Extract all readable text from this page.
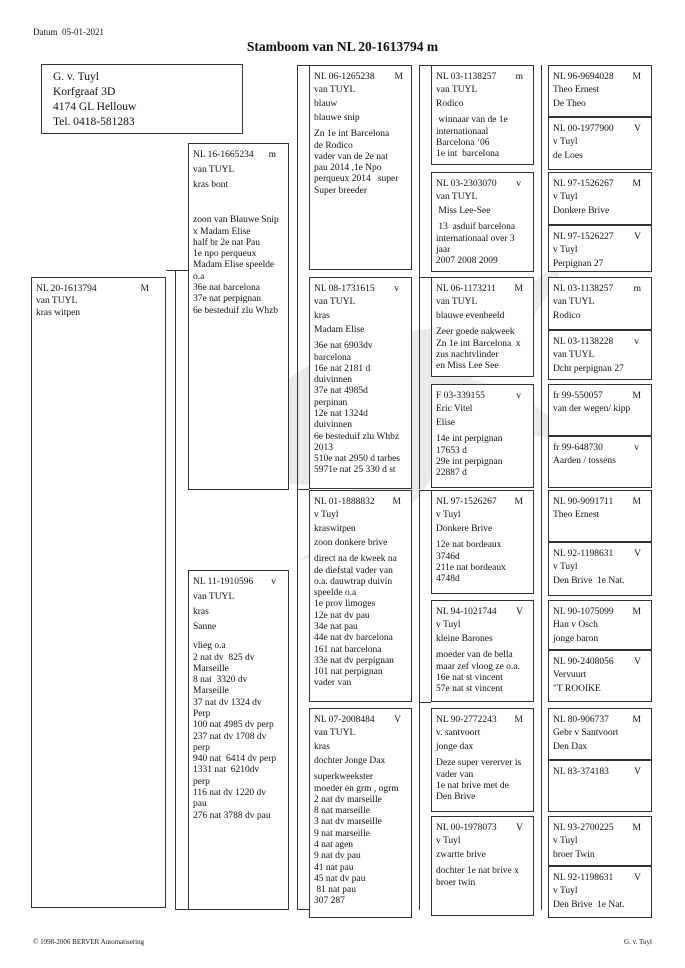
Datum  05-01-2021
Stamboom van NL 20-1613794 m
G. v. Tuyl
Korfgraaf 3D
4174 GL Hellouw
Tel. 0418-581283
NL 20-1613794	M
van TUYL
kras witpen
NL 16-1665234 m
van TUYL
kras bont
zoon van Blauwe Snip
x Madam Elise
half br 2e nat Pau
1e npo perqueux
Madam Elise speelde
o.a
36e nat barcelona
37e nat perpignan
6e besteduif zlu Whzb
NL 11-1910596 v
van TUYL
kras
Sanne
vlieg o.a
2 nat dv  825 dv
Marseille
8 nat  3320 dv
Marseille
37 nat dv 1324 dv
Perp
100 nat 4985 dv perp
237 nat dv 1708 dv
perp
940 nat  6414 dv perp
1331 nat  6210dv
perp
116 nat dv 1220 dv
pau
276 nat 3788 dv pau
NL 06-1265238 M
van TUYL
blauw
blauwe snip
Zn 1e int Barcelona
de Rodico
vader van de 2e nat
pau 2014 ,1e Npo
perqueux 2014   super
Super breeder
NL 08-1731615 v
van TUYL
kras
Madam Elise
36e nat 6903dv
barcelona
16e nat 2181 d
duivinnen
37e nat 4985d
perpinan
12e nat 1324d
duivinnen
6e besteduif zlu Whbz
2013
510e nat 2950 d tarbes
5971e nat 25 330 d st
NL 01-1888832 M
v Tuyl
kraswitpen
zoon donkere brive
direct na de kweek na
de diefstal vader van
o.a. dauwtrap duivin
speelde o.a
1e prov limoges
12e nat dv pau
34e nat pau
44e nat dv barcelona
161 nat barcelona
33e nat dv perpignan
101 nat perpignan
vader van
NL 07-2008484 V
van TUYL
kras
dochter Jonge Dax
superkweekster
moeder en grm , ogrm
2 nat dv marseille
8 nat marseille
3 nat dv marseille
9 nat marseille
4 nat agen
9 nat dv pau
41 nat pau
45 nat dv pau
81 nat pau
307 287
NL 03-1138257 m
van TUYL
Rodico
winnaar van de 1e
internationaal
Barcelona ‘06
1e int  barcelona
NL 03-2303070 v
van TUYL
Miss Lee-See
13  asduif barcelona
internationaal over 3
jaar
2007 2008 2009
NL 06-1173211 M
van TUYL
blauwe evenbeeld
Zeer goede nakweek
Zn 1e int Barcelona  x
zus nachtvlinder
en Miss Lee See
F 03-339155	v
Eric Vitel
Elise
14e int perpignan
17653 d
29e int perpignan
22887 d
NL 97-1526267 M
v Tuyl
Donkere Brive
12e nat bordeaux
3746d
211e nat bordeaux
4748d
NL 94-1021744 V
v Tuyl
kleine Barones
moeder van de bella
maar zef vloog ze o.a.
16e nat st vincent
57e nat st vincent
NL 90-2772243 M
v. santvoort
jonge dax
Deze super vererver is
vader van
1e nat brive met de
Den Brive
NL 00-1978073 V
v Tuyl
zwartte brive
dochter 1e nat brive x
broer twin
NL 96-9694028 M
Theo Ernest
De Theo
NL 00-1977900 V
v Tuyl
de Loes
NL 97-1526267 M
v Tuyl
Donkere Brive
NL 97-1526227 V
v Tuyl
Perpignan 27
NL 03-1138257 m
van TUYL
Rodico
NL 03-1138228 v
van TUYL
Dcht perpignan 27
fr 99-550057	M
van der wegen/ kipp
fr 99-648730	v
Aarden / tossens
NL 90-9091711 M
Theo Ernest
NL 92-1198631 V
v Tuyl
Den Brive  1e Nat.
NL 90-1075099 M
Han v Osch
jonge baron
NL 90-2408056 V
Vervuurt
"T ROOIKE
NL 80-906737 M
Gebr v Santvoort
Den Dax
NL 83-374183	V
NL 93-2700225 M
v Tuyl
broer Twin
NL 92-1198631 V
v Tuyl
Den Brive  1e Nat.
© 1998-2006 BERVER Automatisering	G. v. Tuyl
